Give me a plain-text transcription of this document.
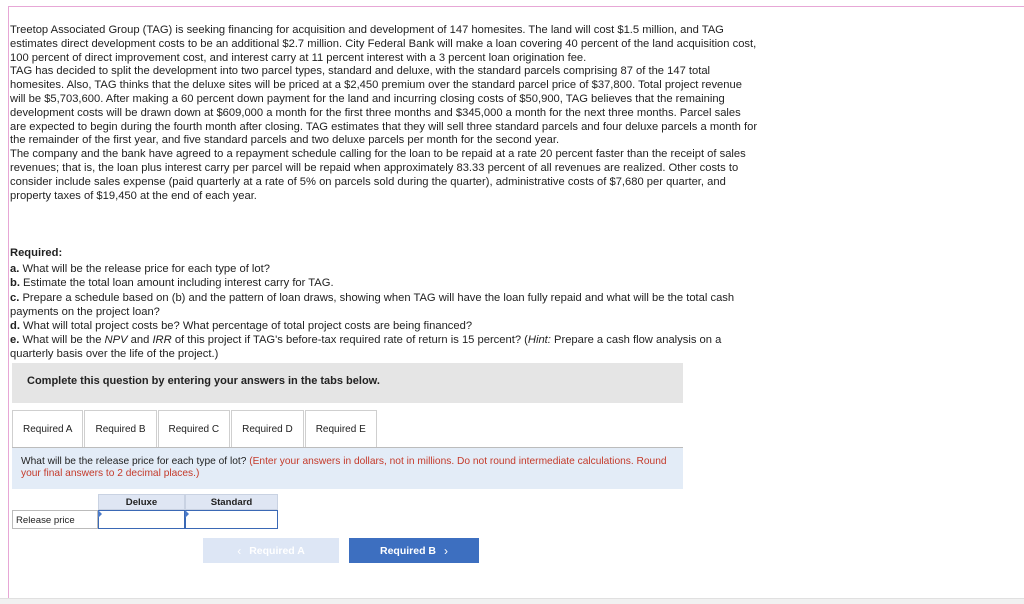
Treetop Associated Group (TAG) is seeking financing for acquisition and development of 147 homesites. The land will cost $1.5 million, and TAG estimates direct development costs to be an additional $2.7 million. City Federal Bank will make a loan covering 40 percent of the land acquisition cost, 100 percent of direct improvement cost, and interest carry at 11 percent interest with a 3 percent loan origination fee.

TAG has decided to split the development into two parcel types, standard and deluxe, with the standard parcels comprising 87 of the 147 total homesites. Also, TAG thinks that the deluxe sites will be priced at a $2,450 premium over the standard parcel price of $37,800. Total project revenue will be $5,703,600. After making a 60 percent down payment for the land and incurring closing costs of $50,900, TAG believes that the remaining development costs will be drawn down at $609,000 a month for the first three months and $345,000 a month for the next three months. Parcel sales are expected to begin during the fourth month after closing. TAG estimates that they will sell three standard parcels and four deluxe parcels a month for the remainder of the first year, and five standard parcels and two deluxe parcels per month for the second year.

The company and the bank have agreed to a repayment schedule calling for the loan to be repaid at a rate 20 percent faster than the receipt of sales revenues; that is, the loan plus interest carry per parcel will be repaid when approximately 83.33 percent of all revenues are realized. Other costs to consider include sales expense (paid quarterly at a rate of 5% on parcels sold during the quarter), administrative costs of $7,680 per quarter, and property taxes of $19,450 at the end of each year.

Required:
a. What will be the release price for each type of lot?
b. Estimate the total loan amount including interest carry for TAG.
c. Prepare a schedule based on (b) and the pattern of loan draws, showing when TAG will have the loan fully repaid and what will be the total cash payments on the project loan?
d. What will total project costs be? What percentage of total project costs are being financed?
e. What will be the NPV and IRR of this project if TAG's before-tax required rate of return is 15 percent? (Hint: Prepare a cash flow analysis on a quarterly basis over the life of the project.)
Complete this question by entering your answers in the tabs below.
Required A	Required B	Required C	Required D	Required E
What will be the release price for each type of lot? (Enter your answers in dollars, not in millions. Do not round intermediate calculations. Round your final answers to 2 decimal places.)
Deluxe	Standard
Release price
‹ Required A	Required B ›
